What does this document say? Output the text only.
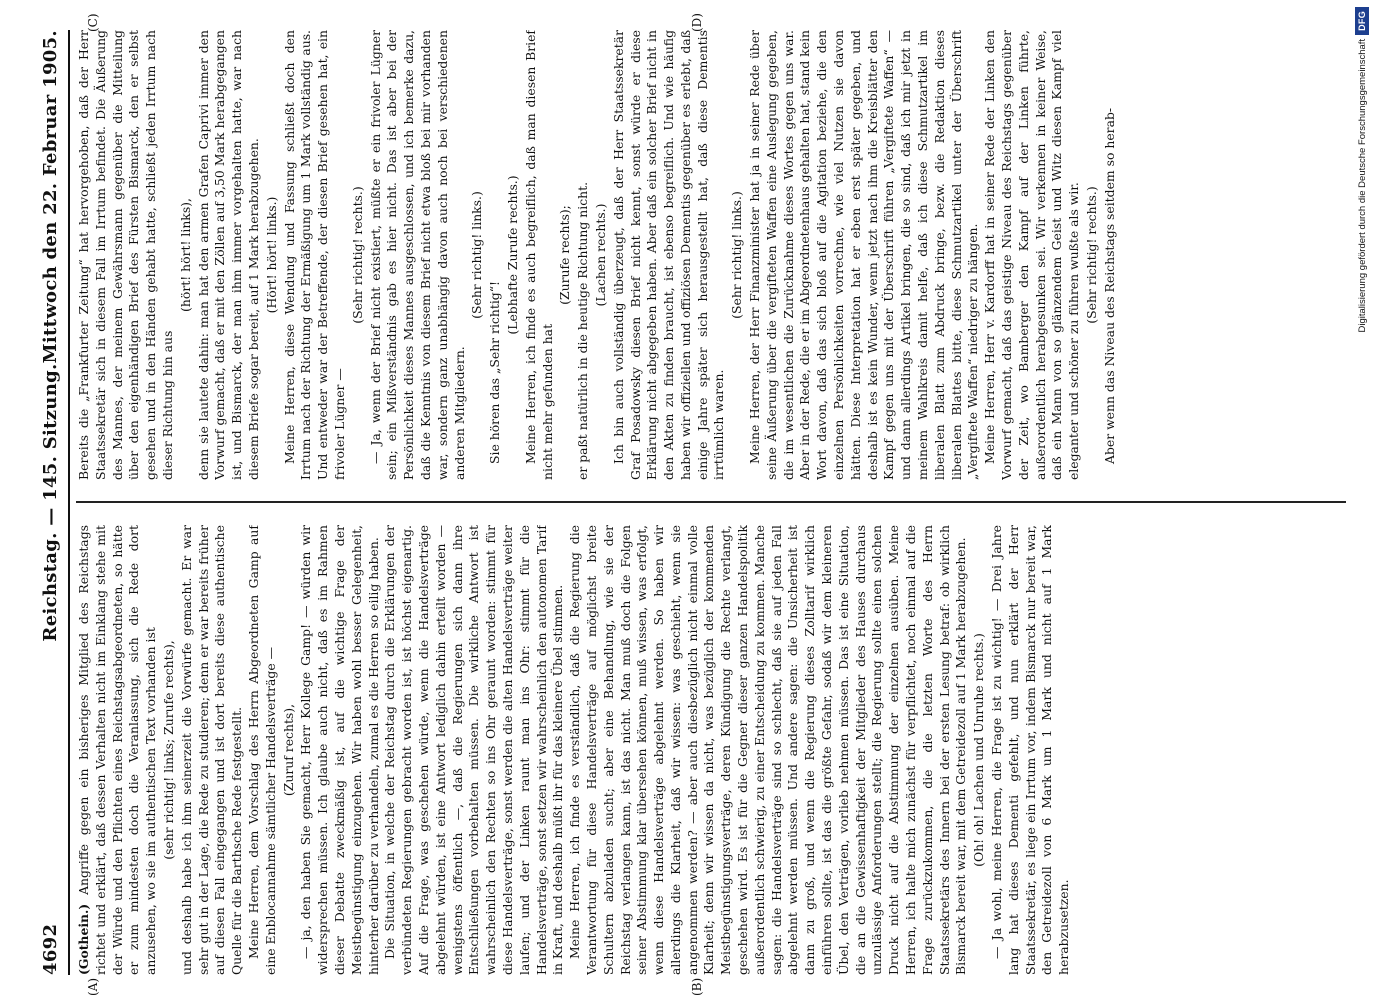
4692
Reichstag. — 145. Sitzung.
Mittwoch den 22. Februar 1905.

(Gothein.) Angriffe gegen ein bisheriges Mitglied des Reichstags richtet und erklärt, daß dessen Verhalten nicht im Einklang stehe mit der Würde und den Pflichten eines Reichstagsabgeordneten, so hätte er zum mindesten doch die Veranlassung, sich die Rede dort anzusehen, wo sie im authentischen Text vorhanden ist (sehr richtig! links; Zurufe rechts), und deshalb habe ich ihm seinerzeit die Vorwürfe gemacht. Er war sehr gut in der Lage, die Rede zu studieren; denn er war bereits früher auf diesen Fall eingegangen und ist dort bereits diese authentische Quelle für die Barthsche Rede festgestellt. Meine Herren, dem Vorschlag des Herrn Abgeordneten Gamp auf eine Enblocannahme sämtlicher Handelsverträge — (Zuruf rechts), — ja, den haben Sie gemacht, Herr Kollege Gamp! — würden wir widersprechen müssen. Ich glaube auch nicht, daß es im Rahmen dieser Debatte zweckmäßig ist, auf die wichtige Frage der Meistbegünstigung einzugehen. Wir haben wohl besser Gelegenheit, hinterher darüber zu verhandeln, zumal es die Herren so eilig haben. Die Situation, in welche der Reichstag durch die Erklärungen der verbündeten Regierungen gebracht worden ist, ist höchst eigenartig. Auf die Frage, was geschehen würde, wenn die Handelsverträge abgelehnt würden, ist eine Antwort lediglich dahin erteilt worden — wenigstens öffentlich —, daß die Regierungen sich dann ihre Entschließungen vorbehalten müssen. Die wirkliche Antwort ist wahrscheinlich den Rechten so ins Ohr geraunt worden: stimmt für diese Handelsverträge, sonst werden die alten Handelsverträge weiter laufen; und der Linken raunt man ins Ohr: stimmt für die Handelsverträge, sonst setzen wir wahrscheinlich den autonomen Tarif in Kraft, und deshalb müßt ihr für das kleinere Übel stimmen. Meine Herren, ich finde es verständlich, daß die Regierung die Verantwortung für diese Handelsverträge auf möglichst breite Schultern abzuladen sucht; aber eine Behandlung, wie sie der Reichstag verlangen kann, ist das nicht. Man muß doch die Folgen seiner Abstimmung klar übersehen können, muß wissen, was erfolgt, wenn diese Handelsverträge abgelehnt werden. So haben wir allerdings die Klarheit, daß wir wissen: was geschieht, wenn sie angenommen werden? — aber auch diesbezüglich nicht einmal volle Klarheit; denn wir wissen da nicht, was bezüglich der kommenden Meistbegünstigungsverträge, deren Kündigung die Rechte verlangt, geschehen wird. Es ist für die Gegner dieser ganzen Handelspolitik außerordentlich schwierig, zu einer Entscheidung zu kommen. Manche sagen: die Handelsverträge sind so schlecht, daß sie auf jeden Fall abgelehnt werden müssen. Und andere sagen: die Unsicherheit ist dann zu groß, und wenn die Regierung dieses Zolltarif wirklich einführen sollte, ist das die größte Gefahr, sodaß wir dem kleineren Übel, den Verträgen, vorlieb nehmen müssen. Das ist eine Situation, die an die Gewissenhaftigkeit der Mitglieder des Hauses durchaus unzulässige Anforderungen stellt; die Regierung sollte einen solchen Druck nicht auf die Abstimmung der einzelnen ausüben. Meine Herren, ich halte mich zunächst für verpflichtet, noch einmal auf die Frage zurückzukommen, die die letzten Worte des Herrn Staatssekretärs des Innern bei der ersten Lesung betraf: ob wirklich Bismarck bereit war, mit dem Getreidezoll auf 1 Mark herabzugehen. (Oh! oh! Lachen und Unruhe rechts.) — Ja wohl, meine Herren, die Frage ist zu wichtig! — Drei Jahre lang hat dieses Dementi gefehlt, und nun erklärt der Herr Staatssekretär, es liege ein Irrtum vor, indem Bismarck nur bereit war, den Getreidezoll von 6 Mark um 1 Mark und nicht auf 1 Mark herabzusetzen.

Bereits die „Frankfurter Zeitung“ hat hervorgehoben, daß der Herr Staatssekretär sich in diesem Fall im Irrtum befindet. Die Äußerung des Mannes, der meinem Gewährsmann gegenüber die Mitteilung über den eigenhändigen Brief des Fürsten Bismarck, den er selbst gesehen und in den Händen gehabt hatte, schließt jeden Irrtum nach dieser Richtung hin aus

(hört! hört! links), denn sie lautete dahin: man hat den armen Grafen Caprivi immer den Vorwurf gemacht, daß er mit den Zöllen auf 3,50 Mark herabgegangen ist, und Bismarck, der man ihm immer vorgehalten hatte, war nach diesem Briefe sogar bereit, auf 1 Mark herabzugehen. (Hört! hört! links.) Meine Herren, diese Wendung und Fassung schließt doch den Irrtum nach der Richtung der Ermäßigung um 1 Mark vollständig aus. Und entweder war der Betreffende, der diesen Brief gesehen hat, ein frivoler Lügner —

(Sehr richtig! rechts.) — Ja, wenn der Brief nicht existiert, müßte er ein frivoler Lügner sein; ein Mißverständnis gab es hier nicht. Das ist aber bei der Persönlichkeit dieses Mannes ausgeschlossen, und ich bemerke dazu, daß die Kenntnis von diesem Brief nicht etwa bloß bei mir vorhanden war, sondern ganz unabhängig davon auch noch bei verschiedenen anderen Mitgliedern.

(Sehr richtig! links.)

Sie hören das „Sehr richtig“!

(Lebhafte Zurufe rechts.) Meine Herren, ich finde es auch begreiflich, daß man diesen Brief nicht mehr gefunden hat

(Zurufe rechts); er paßt natürlich in die heutige Richtung nicht. (Lachen rechts.) Ich bin auch vollständig überzeugt, daß der Herr Staatssekretär Graf Posadowsky diesen Brief nicht kennt, sonst würde er diese Erklärung nicht abgegeben haben. Aber daß ein solcher Brief nicht in den Akten zu finden braucht, ist ebenso begreiflich. Und wie häufig haben wir offiziellen und offiziösen Dementis gegenüber es erlebt, daß einige Jahre später sich herausgestellt hat, daß diese Dementis irrtümlich waren.

(Sehr richtig! links.) Meine Herren, der Herr Finanzminister hat ja in seiner Rede über seine Äußerung über die vergifteten Waffen eine Auslegung gegeben, die im wesentlichen die Zurücknahme dieses Wortes gegen uns war. Aber in der Rede, die er im Abgeordnetenhaus gehalten hat, stand kein Wort davon, daß das sich bloß auf die Agitation beziehe, die den einzelnen Persönlichkeiten vorrechne, wie viel Nutzen sie davon hätten. Diese Interpretation hat er eben erst später gegeben, und deshalb ist es kein Wunder, wenn jetzt nach ihm die Kreisblätter den Kampf gegen uns mit der Überschrift führen „Vergiftete Waffen“ — und dann allerdings Artikel bringen, die so sind, daß ich mir jetzt in meinem Wahlkreis damit helfe, daß ich diese Schmutzartikel im liberalen Blatt zum Abdruck bringe, bezw. die Redaktion dieses liberalen Blattes bitte, diese Schmutzartikel unter der Überschrift „Vergiftete Waffen“ niedriger zu hängen. Meine Herren, Herr v. Kardorff hat in seiner Rede der Linken den Vorwurf gemacht, daß das geistige Niveau des Reichstags gegenüber der Zeit, wo Bamberger den Kampf auf der Linken führte, außerordentlich herabgesunken sei. Wir verkennen in keiner Weise, daß ein Mann von so glänzendem Geist und Witz diesen Kampf viel eleganter und schöner zu führen wußte als wir. (Sehr richtig! rechts.) Aber wenn das Niveau des Reichstags seitdem so herab-

(A)	(B)
(C)	(D)
Digitalisierung gefördert durch die Deutsche ForschungsgemeinschaftDFG
